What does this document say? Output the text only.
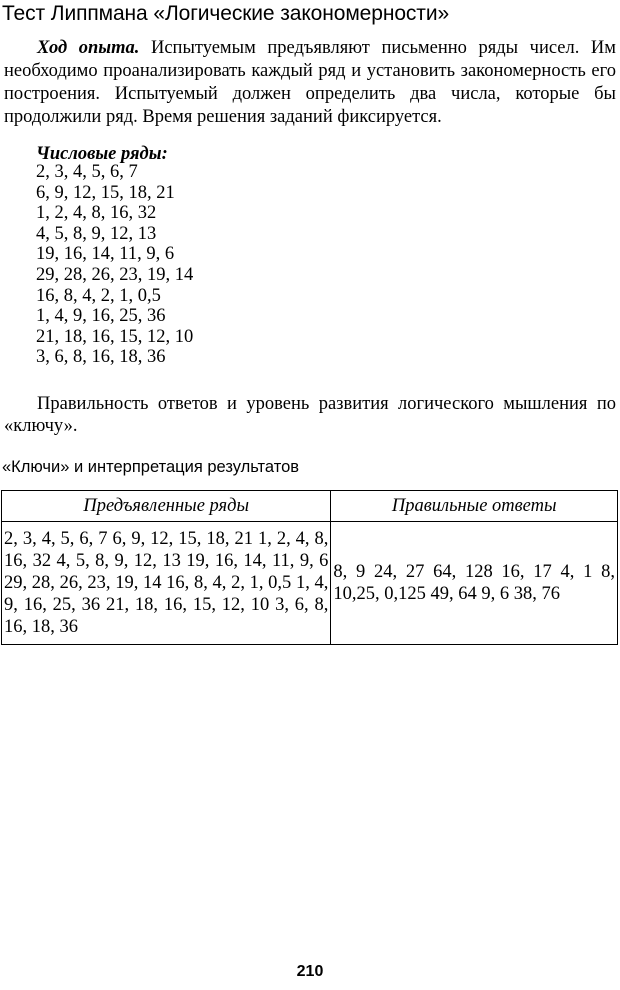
Тест Липпмана «Логические закономерности»

Ход опыта. Испытуемым предъявляют письменно ряды чисел. Им необходимо проанализировать каждый ряд и установить закономерность его построения. Испытуемый должен определить два числа, которые бы продолжили ряд. Время решения заданий фиксируется.

Числовые ряды:
2, 3, 4, 5, 6, 7
6, 9, 12, 15, 18, 21
1, 2, 4, 8, 16, 32
4, 5, 8, 9, 12, 13
19, 16, 14, 11, 9, 6
29, 28, 26, 23, 19, 14
16, 8, 4, 2, 1, 0,5
1, 4, 9, 16, 25, 36
21, 18, 16, 15, 12, 10
3, 6, 8, 16, 18, 36

Правильность ответов и уровень развития логического мышления по «ключу».

«Ключи» и интерпретация результатов
Предъявленные ряды	Правильные ответы
2, 3, 4, 5, 6, 7 6, 9, 12, 15, 18, 21 1, 2, 4, 8, 16, 32 4, 5, 8, 9, 12, 13 19, 16, 14, 11, 9, 6 29, 28, 26, 23, 19, 14 16, 8, 4, 2, 1, 0,5 1, 4, 9, 16, 25, 36 21, 18, 16, 15, 12, 10 3, 6, 8, 16, 18, 36	8, 9 24, 27 64, 128 16, 17 4, 1 8, 10,25, 0,125 49, 64 9, 6 38, 76
210
